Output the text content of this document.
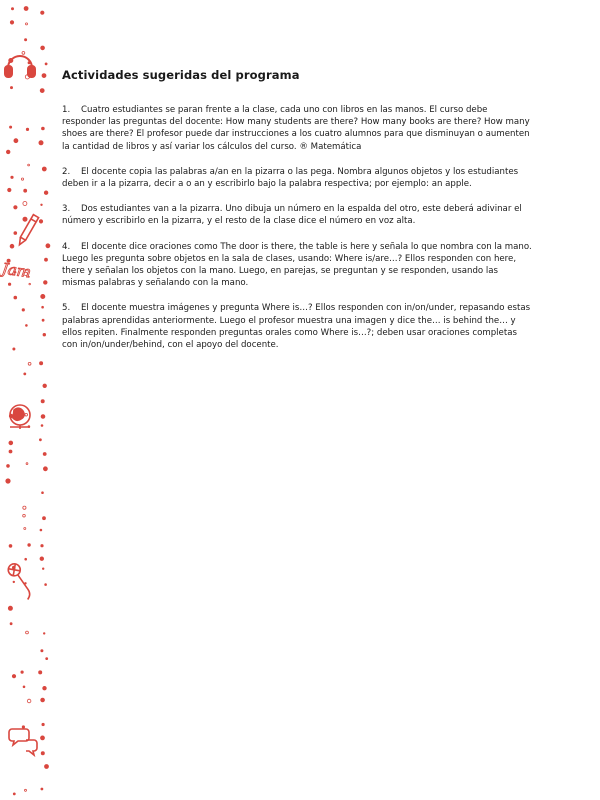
Jam
Actividades sugeridas del programa

1. Cuatro estudiantes se paran frente a la clase, cada uno con libros en las manos. El curso debe responder las preguntas del docente: How many students are there? How many books are there? How many shoes are there? El profesor puede dar instrucciones a los cuatro alumnos para que disminuyan o aumenten la cantidad de libros y así variar los cálculos del curso. ® Matemática

2. El docente copia las palabras a/an en la pizarra o las pega. Nombra algunos objetos y los estudiantes deben ir a la pizarra, decir a o an y escribirlo bajo la palabra respectiva; por ejemplo: an apple.

3. Dos estudiantes van a la pizarra. Uno dibuja un número en la espalda del otro, este deberá adivinar el número y escribirlo en la pizarra, y el resto de la clase dice el número en voz alta.

4. El docente dice oraciones como The door is there, the table is here y señala lo que nombra con la mano.

Luego les pregunta sobre objetos en la sala de clases, usando: Where is/are…? Ellos responden con here, there y señalan los objetos con la mano. Luego, en parejas, se preguntan y se responden, usando las mismas palabras y señalando con la mano.

5. El docente muestra imágenes y pregunta Where is…? Ellos responden con in/on/under, repasando estas palabras aprendidas anteriormente. Luego el profesor muestra una imagen y dice the… is behind the… y ellos repiten. Finalmente responden preguntas orales como Where is…?; deben usar oraciones completas con in/on/under/behind, con el apoyo del docente.
